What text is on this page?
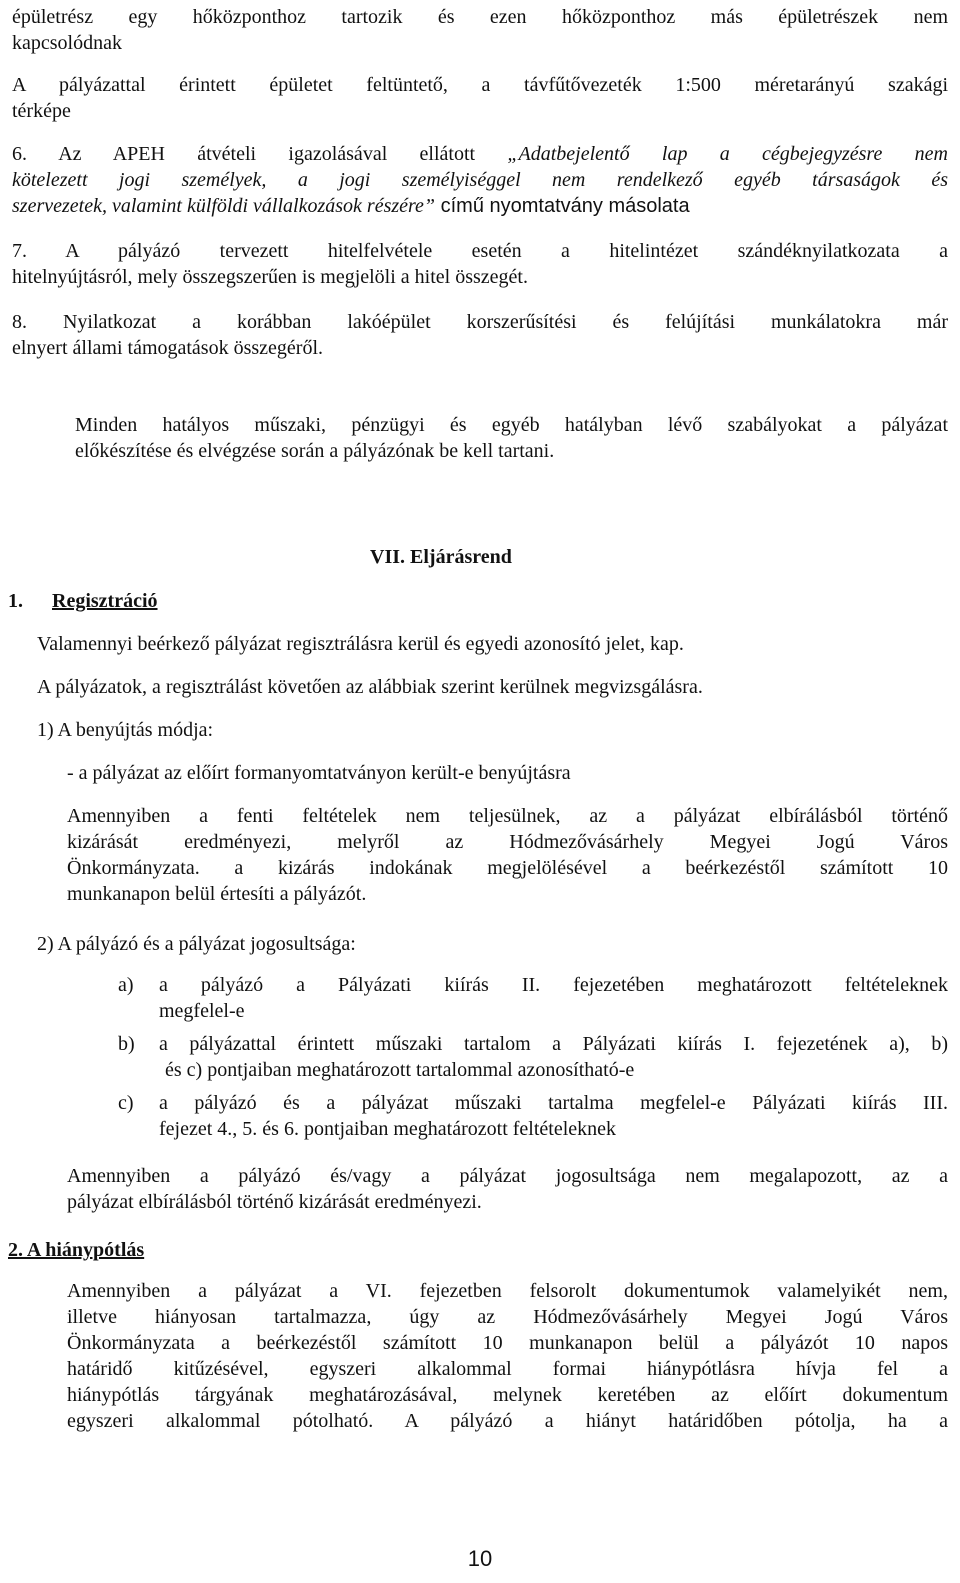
épületrész egy hőközponthoz tartozik és ezen hőközponthoz más épületrészek nem

kapcsolódnak

A pályázattal érintett épületet feltüntető, a távfűtővezeték 1:500 méretarányú szakági

térképe

6. Az APEH átvételi igazolásával ellátott „Adatbejelentő lap a cégbejegyzésre nem

kötelezett jogi személyek, a jogi személyiséggel nem rendelkező egyéb társaságok és

szervezetek, valamint külföldi vállalkozások részére” című nyomtatvány másolata

7. A pályázó tervezett hitelfelvétele esetén a hitelintézet szándéknyilatkozata a

hitelnyújtásról, mely összegszerűen is megjelöli a hitel összegét.

8. Nyilatkozat a korábban lakóépület korszerűsítési és felújítási munkálatokra már

elnyert állami támogatások összegéről.

Minden hatályos műszaki, pénzügyi és egyéb hatályban lévő szabályokat a pályázat

előkészítése és elvégzése során a pályázónak be kell tartani.

VII. Eljárásrend

1. Regisztráció

Valamennyi beérkező pályázat regisztrálásra kerül és egyedi azonosító jelet, kap.

A pályázatok, a regisztrálást követően az alábbiak szerint kerülnek megvizsgálásra.

1) A benyújtás módja:

- a pályázat az előírt formanyomtatványon került-e benyújtásra

Amennyiben a fenti feltételek nem teljesülnek, az a pályázat elbírálásból történő

kizárását eredményezi, melyről az Hódmezővásárhely Megyei Jogú Város

Önkormányzata. a kizárás indokának megjelölésével a beérkezéstől számított 10

munkanapon belül értesíti a pályázót.

2) A pályázó és a pályázat jogosultsága:

a) a pályázó a Pályázati kiírás II. fejezetében meghatározott feltételeknek

megfelel-e

b) a pályázattal érintett műszaki tartalom a Pályázati kiírás I. fejezetének a), b)

és c) pontjaiban meghatározott tartalommal azonosítható-e

c) a pályázó és a pályázat műszaki tartalma megfelel-e Pályázati kiírás III.

fejezet 4., 5. és 6. pontjaiban meghatározott feltételeknek

Amennyiben a pályázó és/vagy a pályázat jogosultsága nem megalapozott, az a

pályázat elbírálásból történő kizárását eredményezi.

2. A hiánypótlás

Amennyiben a pályázat a VI. fejezetben felsorolt dokumentumok valamelyikét nem,

illetve hiányosan tartalmazza, úgy az Hódmezővásárhely Megyei Jogú Város

Önkormányzata a beérkezéstől számított 10 munkanapon belül a pályázót 10 napos

határidő kitűzésével, egyszeri alkalommal formai hiánypótlásra hívja fel a

hiánypótlás tárgyának meghatározásával, melynek keretében az előírt dokumentum

egyszeri alkalommal pótolható. A pályázó a hiányt határidőben pótolja, ha a

10
